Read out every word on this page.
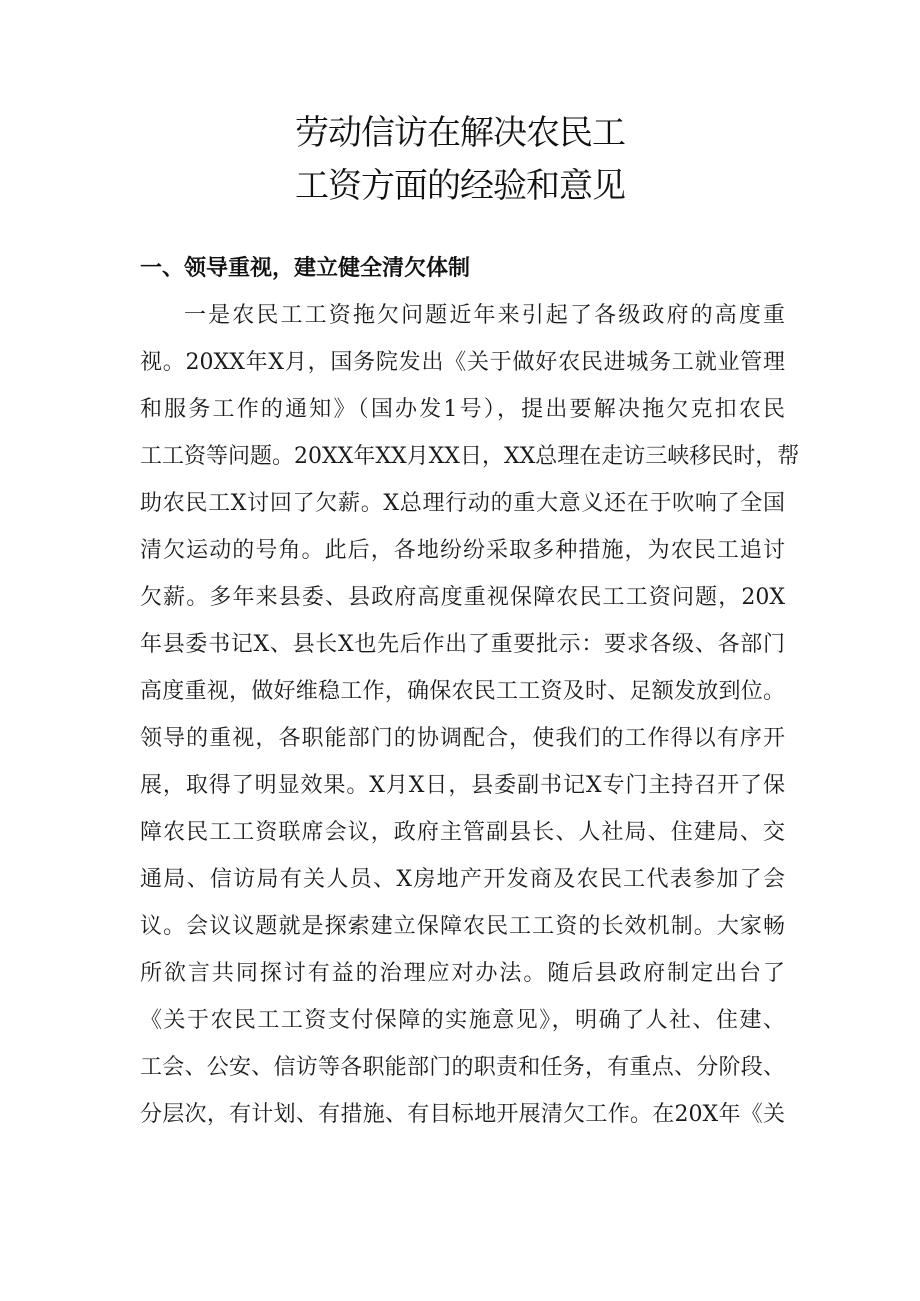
劳动信访在解决农民工
工资方面的经验和意见
一、领导重视，建立健全清欠体制
一是农民工工资拖欠问题近年来引起了各级政府的高度重
视。20XX年X月，国务院发出《关于做好农民进城务工就业管理
和服务工作的通知》（国办发1号），提出要解决拖欠克扣农民
工工资等问题。20XX年XX月XX日，XX总理在走访三峡移民时，帮
助农民工X讨回了欠薪。X总理行动的重大意义还在于吹响了全国
清欠运动的号角。此后，各地纷纷采取多种措施，为农民工追讨
欠薪。多年来县委、县政府高度重视保障农民工工资问题，20X
年县委书记X、县长X也先后作出了重要批示：要求各级、各部门
高度重视，做好维稳工作，确保农民工工资及时、足额发放到位。
领导的重视，各职能部门的协调配合，使我们的工作得以有序开
展，取得了明显效果。X月X日，县委副书记X专门主持召开了保
障农民工工资联席会议，政府主管副县长、人社局、住建局、交
通局、信访局有关人员、X房地产开发商及农民工代表参加了会
议。会议议题就是探索建立保障农民工工资的长效机制。大家畅
所欲言共同探讨有益的治理应对办法。随后县政府制定出台了
《关于农民工工资支付保障的实施意见》，明确了人社、住建、
工会、公安、信访等各职能部门的职责和任务，有重点、分阶段、
分层次，有计划、有措施、有目标地开展清欠工作。在20X年《关
